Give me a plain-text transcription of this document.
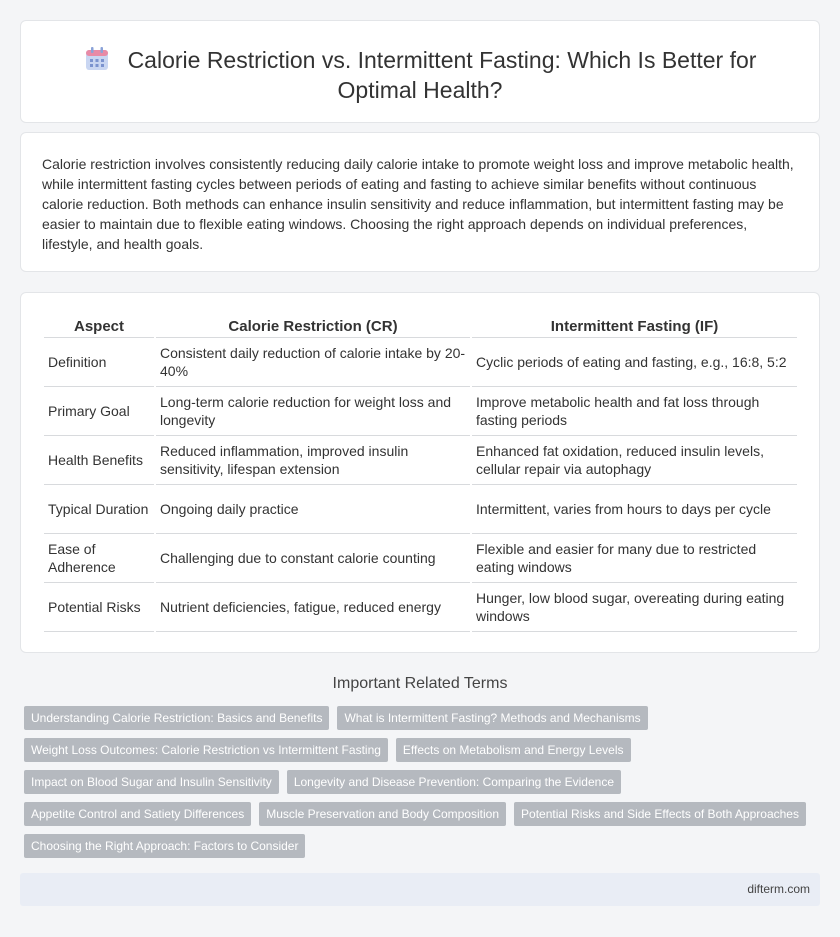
Calorie Restriction vs. Intermittent Fasting: Which Is Better for Optimal Health?

Calorie restriction involves consistently reducing daily calorie intake to promote weight loss and improve metabolic health, while intermittent fasting cycles between periods of eating and fasting to achieve similar benefits without continuous calorie reduction. Both methods can enhance insulin sensitivity and reduce inflammation, but intermittent fasting may be easier to maintain due to flexible eating windows. Choosing the right approach depends on individual preferences, lifestyle, and health goals.

Aspect	Calorie Restriction (CR)	Intermittent Fasting (IF)
Definition	Consistent daily reduction of calorie intake by 20-40%	Cyclic periods of eating and fasting, e.g., 16:8, 5:2
Primary Goal	Long-term calorie reduction for weight loss and longevity	Improve metabolic health and fat loss through fasting periods
Health Benefits	Reduced inflammation, improved insulin sensitivity, lifespan extension	Enhanced fat oxidation, reduced insulin levels, cellular repair via autophagy
Typical Duration	Ongoing daily practice	Intermittent, varies from hours to days per cycle
Ease of Adherence	Challenging due to constant calorie counting	Flexible and easier for many due to restricted eating windows
Potential Risks	Nutrient deficiencies, fatigue, reduced energy	Hunger, low blood sugar, overeating during eating windows
Important Related Terms
Understanding Calorie Restriction: Basics and Benefits	What is Intermittent Fasting? Methods and Mechanisms
Weight Loss Outcomes: Calorie Restriction vs Intermittent Fasting	Effects on Metabolism and Energy Levels
Impact on Blood Sugar and Insulin Sensitivity	Longevity and Disease Prevention: Comparing the Evidence
Appetite Control and Satiety Differences	Muscle Preservation and Body Composition	Potential Risks and Side Effects of Both Approaches
Choosing the Right Approach: Factors to Consider
difterm.com
